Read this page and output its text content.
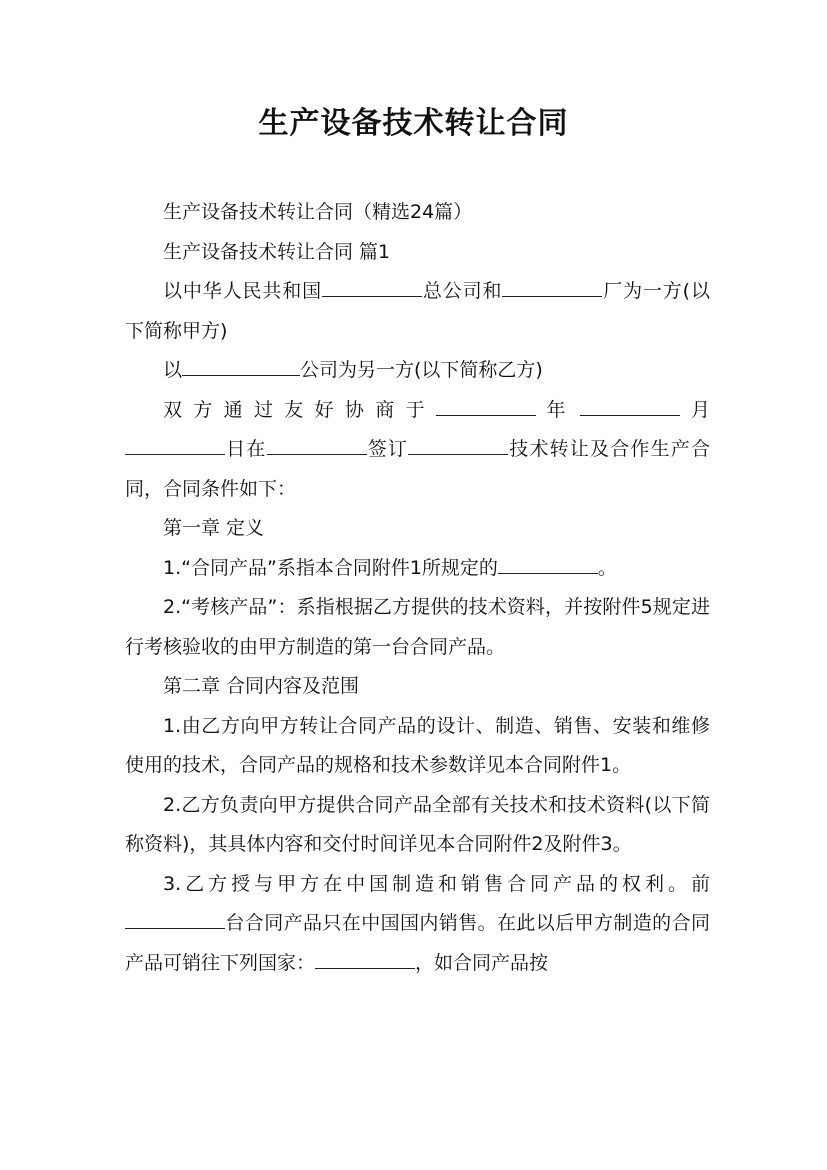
生产设备技术转让合同

生产设备技术转让合同（精选24篇）

生产设备技术转让合同 篇1

以中华人民共和国	总公司和	厂为一方(以下简称甲方)

以	公司为另一方(以下简称乙方)

双方通过友好协商于	年	月日在	签订	技术转让及合作生产合同，合同条件如下：

第一章 定义

1.“合同产品”系指本合同附件1所规定的	。

2.“考核产品”：系指根据乙方提供的技术资料，并按附件5规定进行考核验收的由甲方制造的第一台合同产品。

第二章 合同内容及范围

1.由乙方向甲方转让合同产品的设计、制造、销售、安装和维修使用的技术，合同产品的规格和技术参数详见本合同附件1。

2.乙方负责向甲方提供合同产品全部有关技术和技术资料(以下简称资料)，其具体内容和交付时间详见本合同附件2及附件3。

3.乙方授与甲方在中国制造和销售合同产品的权利。前台合同产品只在中国国内销售。在此以后甲方制造的合同产品可销往下列国家：	，如合同产品按
